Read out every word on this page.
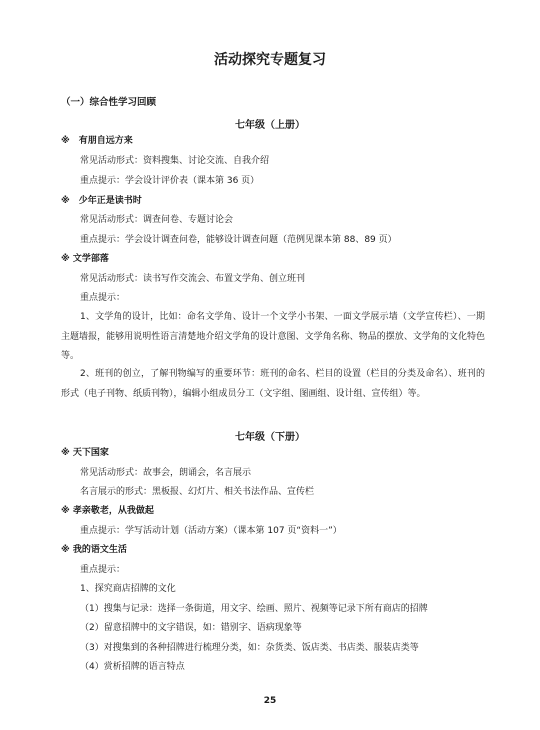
活动探究专题复习
（一）综合性学习回顾
七年级（上册）

※　有朋自远方来

常见活动形式：资料搜集、讨论交流、自我介绍

重点提示：学会设计评价表（课本第 36 页）

※　少年正是读书时

常见活动形式：调查问卷、专题讨论会

重点提示：学会设计调查问卷，能够设计调查问题（范例见课本第 88、89 页）

※ 文学部落

常见活动形式：读书写作交流会、布置文学角、创立班刊

重点提示：

1、文学角的设计，比如：命名文学角、设计一个文学小书架、一面文学展示墙（文学宣传栏）、一期主题墙报，能够用说明性语言清楚地介绍文学角的设计意图、文学角名称、物品的摆放、文学角的文化特色等。

2、班刊的创立，了解刊物编写的重要环节：班刊的命名、栏目的设置（栏目的分类及命名）、班刊的形式（电子刊物、纸质刊物），编辑小组成员分工（文字组、图画组、设计组、宣传组）等。

七年级（下册）

※ 天下国家

常见活动形式：故事会，朗诵会，名言展示

名言展示的形式：黑板报、幻灯片、相关书法作品、宣传栏

※ 孝亲敬老，从我做起

重点提示：学写活动计划（活动方案）（课本第 107 页“资料一”）

※ 我的语文生活

重点提示：

1、探究商店招牌的文化

（1）搜集与记录：选择一条街道，用文字、绘画、照片、视频等记录下所有商店的招牌

（2）留意招牌中的文字错误，如：错别字、语病现象等

（3）对搜集到的各种招牌进行梳理分类，如：杂货类、饭店类、书店类、服装店类等

（4）赏析招牌的语言特点

25
